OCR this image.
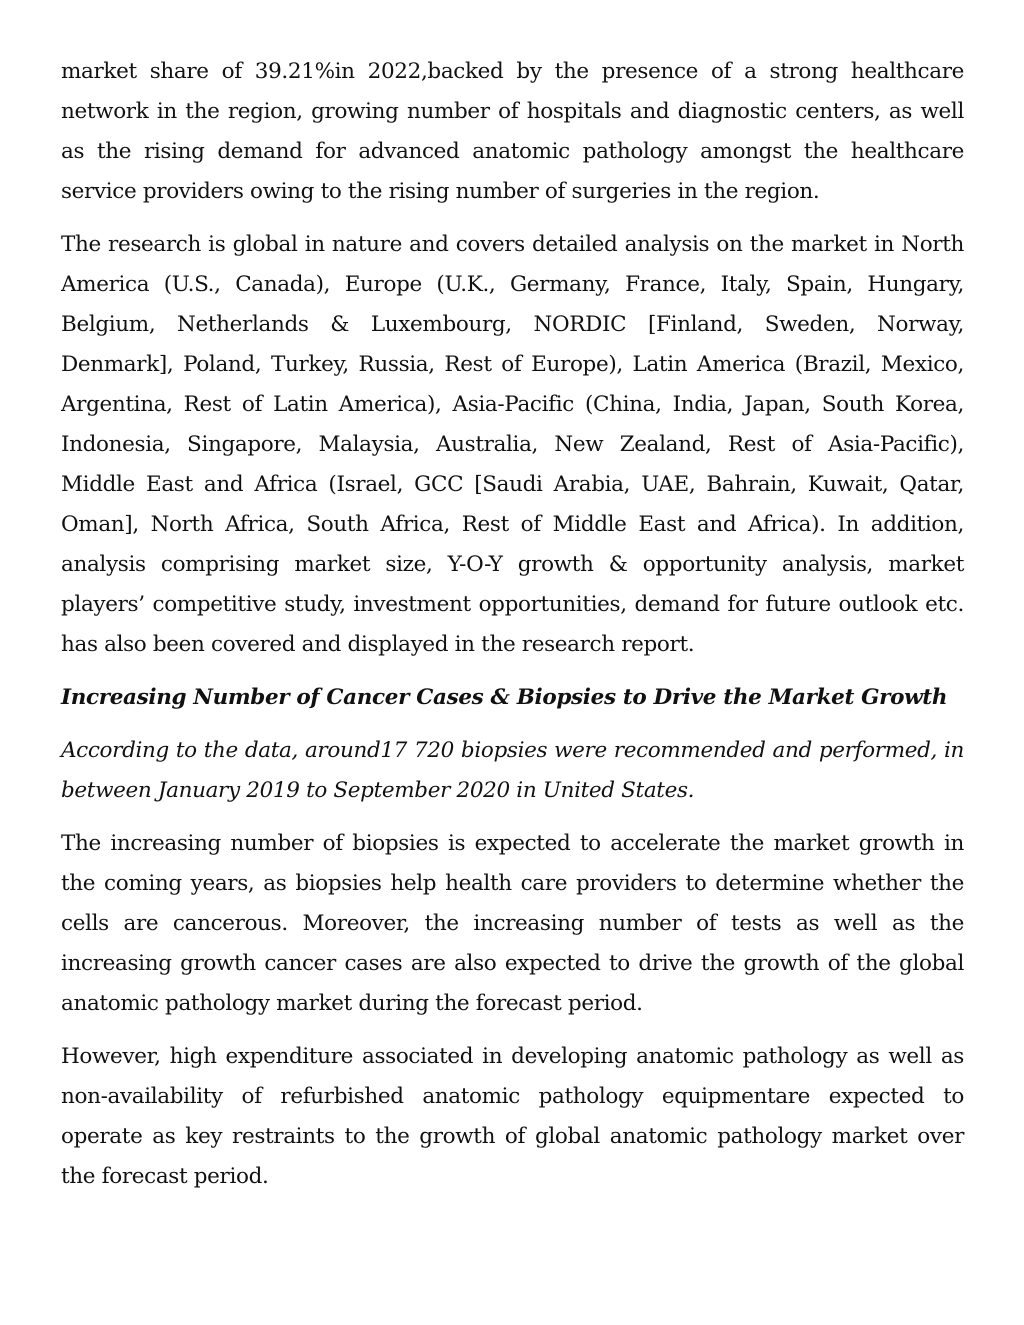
market share of 39.21%in 2022,backed by the presence of a strong healthcare network in the region, growing number of hospitals and diagnostic centers, as well as the rising demand for advanced anatomic pathology amongst the healthcare service providers owing to the rising number of surgeries in the region.

The research is global in nature and covers detailed analysis on the market in North America (U.S., Canada), Europe (U.K., Germany, France, Italy, Spain, Hungary, Belgium, Netherlands & Luxembourg, NORDIC [Finland, Sweden, Norway, Denmark], Poland, Turkey, Russia, Rest of Europe), Latin America (Brazil, Mexico, Argentina, Rest of Latin America), Asia-Pacific (China, India, Japan, South Korea, Indonesia, Singapore, Malaysia, Australia, New Zealand, Rest of Asia-Pacific), Middle East and Africa (Israel, GCC [Saudi Arabia, UAE, Bahrain, Kuwait, Qatar, Oman], North Africa, South Africa, Rest of Middle East and Africa). In addition, analysis comprising market size, Y-O-Y growth & opportunity analysis, market players’ competitive study, investment opportunities, demand for future outlook etc. has also been covered and displayed in the research report.

Increasing Number of Cancer Cases & Biopsies to Drive the Market Growth

According to the data, around17 720 biopsies were recommended and performed, in between January 2019 to September 2020 in United States.

The increasing number of biopsies is expected to accelerate the market growth in the coming years, as biopsies help health care providers to determine whether the cells are cancerous. Moreover, the increasing number of tests as well as the increasing growth cancer cases are also expected to drive the growth of the global anatomic pathology market during the forecast period.

However, high expenditure associated in developing anatomic pathology as well as non-availability of refurbished anatomic pathology equipmentare expected to operate as key restraints to the growth of global anatomic pathology market over the forecast period.
